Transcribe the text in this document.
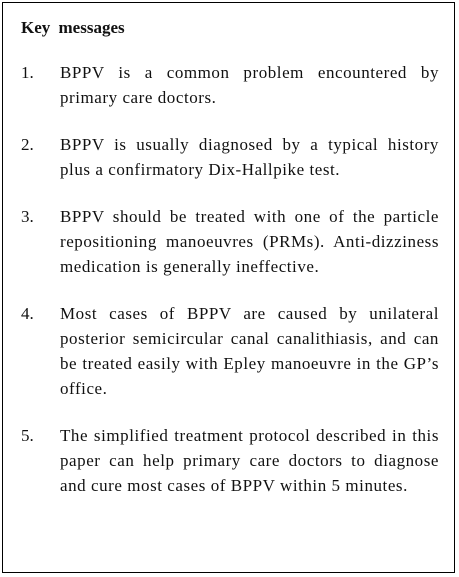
Key messages
1. BPPV is a common problem encountered by primary care doctors.
2. BPPV is usually diagnosed by a typical history plus a confirmatory Dix-Hallpike test.
3. BPPV should be treated with one of the particle repositioning manoeuvres (PRMs). Anti-dizziness medication is generally ineffective.
4. Most cases of BPPV are caused by unilateral posterior semicircular canal canalithiasis, and can be treated easily with Epley manoeuvre in the GP’s office.
5. The simplified treatment protocol described in this paper can help primary care doctors to diagnose and cure most cases of BPPV within 5 minutes.
